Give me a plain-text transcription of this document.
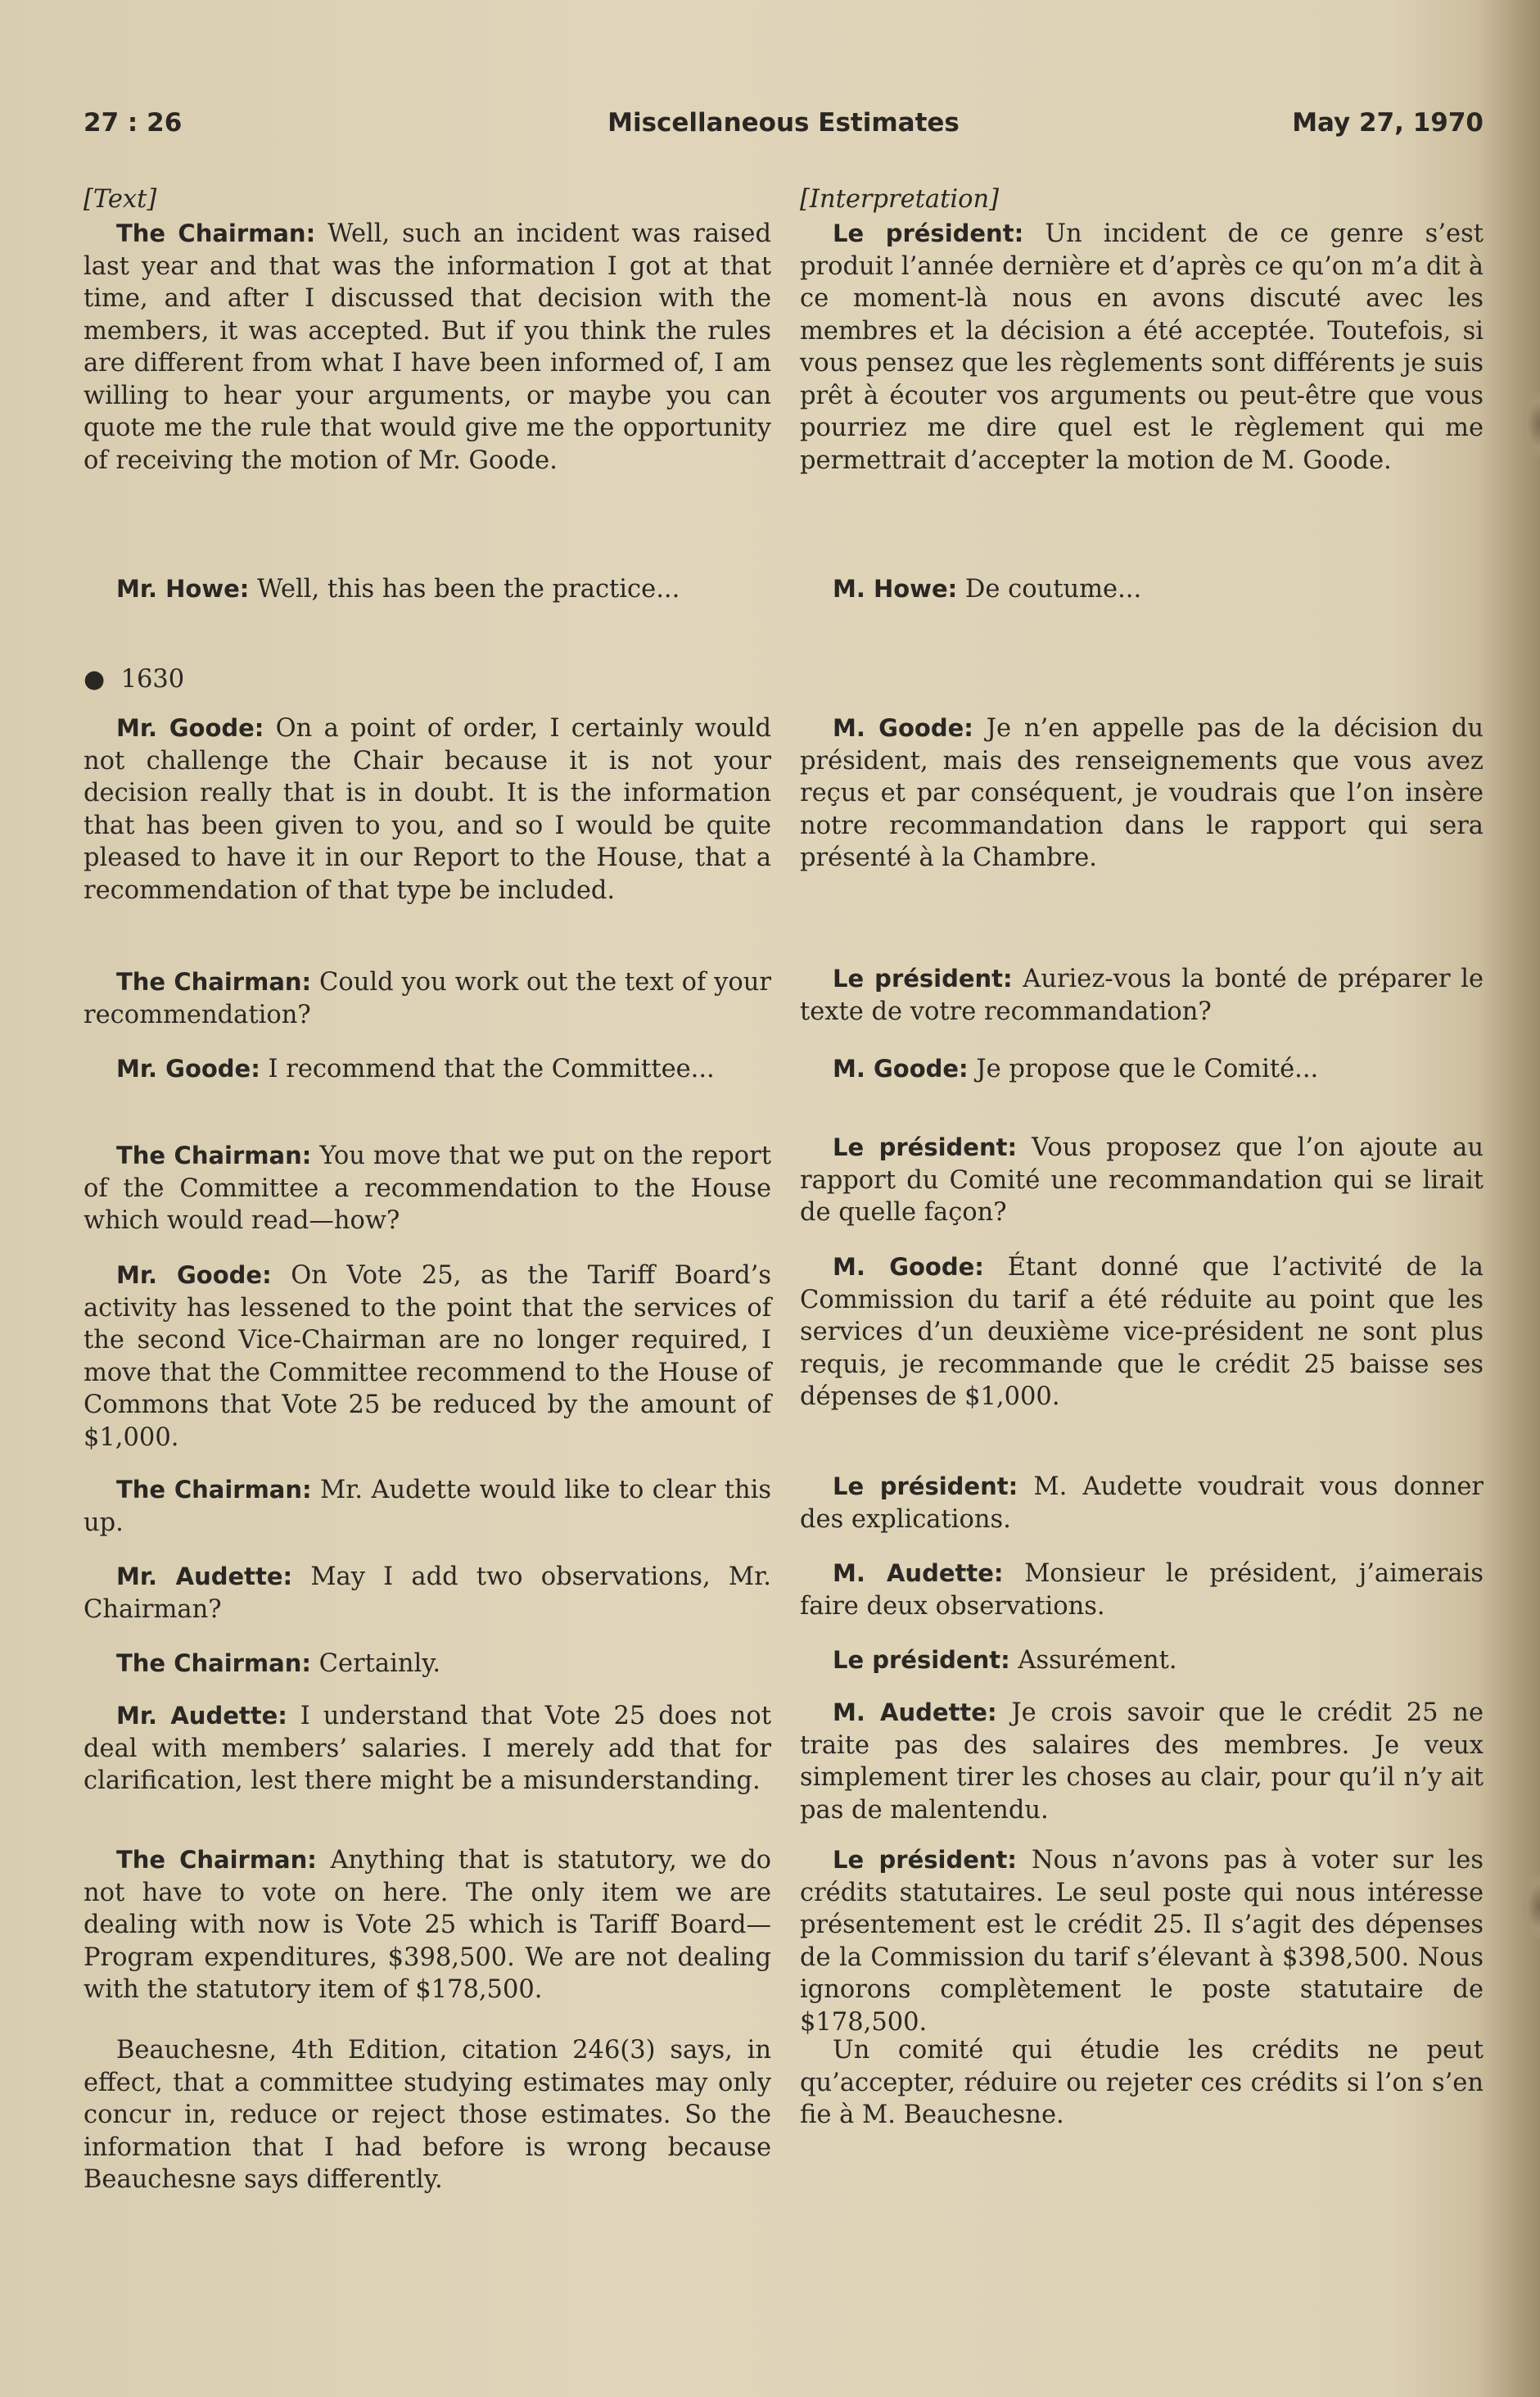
27 : 26	Miscellaneous Estimates	May 27, 1970

[Text]

The Chairman: Well, such an incident was raised last year and that was the information I got at that time, and after I discussed that decision with the members, it was accepted. But if you think the rules are different from what I have been informed of, I am willing to hear your arguments, or maybe you can quote me the rule that would give me the opportunity of receiving the motion of Mr. Goode.

Mr. Howe: Well, this has been the practice...

● 1630

Mr. Goode: On a point of order, I certainly would not challenge the Chair because it is not your decision really that is in doubt. It is the information that has been given to you, and so I would be quite pleased to have it in our Report to the House, that a recommendation of that type be included.

The Chairman: Could you work out the text of your recommendation?

Mr. Goode: I recommend that the Committee...

The Chairman: You move that we put on the report of the Committee a recommendation to the House which would read—how?

Mr. Goode: On Vote 25, as the Tariff Board’s activity has lessened to the point that the services of the second Vice-Chairman are no longer required, I move that the Committee recommend to the House of Commons that Vote 25 be reduced by the amount of $1,000.

The Chairman: Mr. Audette would like to clear this up.

Mr. Audette: May I add two observations, Mr. Chairman?

The Chairman: Certainly.

Mr. Audette: I understand that Vote 25 does not deal with members’ salaries. I merely add that for clarification, lest there might be a misunderstanding.

The Chairman: Anything that is statutory, we do not have to vote on here. The only item we are dealing with now is Vote 25 which is Tariff Board—Program expenditures, $398,500. We are not dealing with the statutory item of $178,500.

Beauchesne, 4th Edition, citation 246(3) says, in effect, that a committee studying estimates may only concur in, reduce or reject those estimates. So the information that I had before is wrong because Beauchesne says differently.

[Interpretation]

Le président: Un incident de ce genre s’est produit l’année dernière et d’après ce qu’on m’a dit à ce moment-là nous en avons discuté avec les membres et la décision a été acceptée. Toutefois, si vous pensez que les règlements sont différents je suis prêt à écouter vos arguments ou peut-être que vous pourriez me dire quel est le règlement qui me permettrait d’accepter la motion de M. Goode.

M. Howe: De coutume...

M. Goode: Je n’en appelle pas de la décision du président, mais des renseignements que vous avez reçus et par conséquent, je voudrais que l’on insère notre recommandation dans le rapport qui sera présenté à la Chambre.

Le président: Auriez-vous la bonté de préparer le texte de votre recommandation?

M. Goode: Je propose que le Comité...

Le président: Vous proposez que l’on ajoute au rapport du Comité une recommandation qui se lirait de quelle façon?

M. Goode: Étant donné que l’activité de la Commission du tarif a été réduite au point que les services d’un deuxième vice-président ne sont plus requis, je recommande que le crédit 25 baisse ses dépenses de $1,000.

Le président: M. Audette voudrait vous donner des explications.

M. Audette: Monsieur le président, j’aimerais faire deux observations.

Le président: Assurément.

M. Audette: Je crois savoir que le crédit 25 ne traite pas des salaires des membres. Je veux simplement tirer les choses au clair, pour qu’il n’y ait pas de malentendu.

Le président: Nous n’avons pas à voter sur les crédits statutaires. Le seul poste qui nous intéresse présentement est le crédit 25. Il s’agit des dépenses de la Commission du tarif s’élevant à $398,500. Nous ignorons complètement le poste statutaire de $178,500.

Un comité qui étudie les crédits ne peut qu’accepter, réduire ou rejeter ces crédits si l’on s’en fie à M. Beauchesne.
